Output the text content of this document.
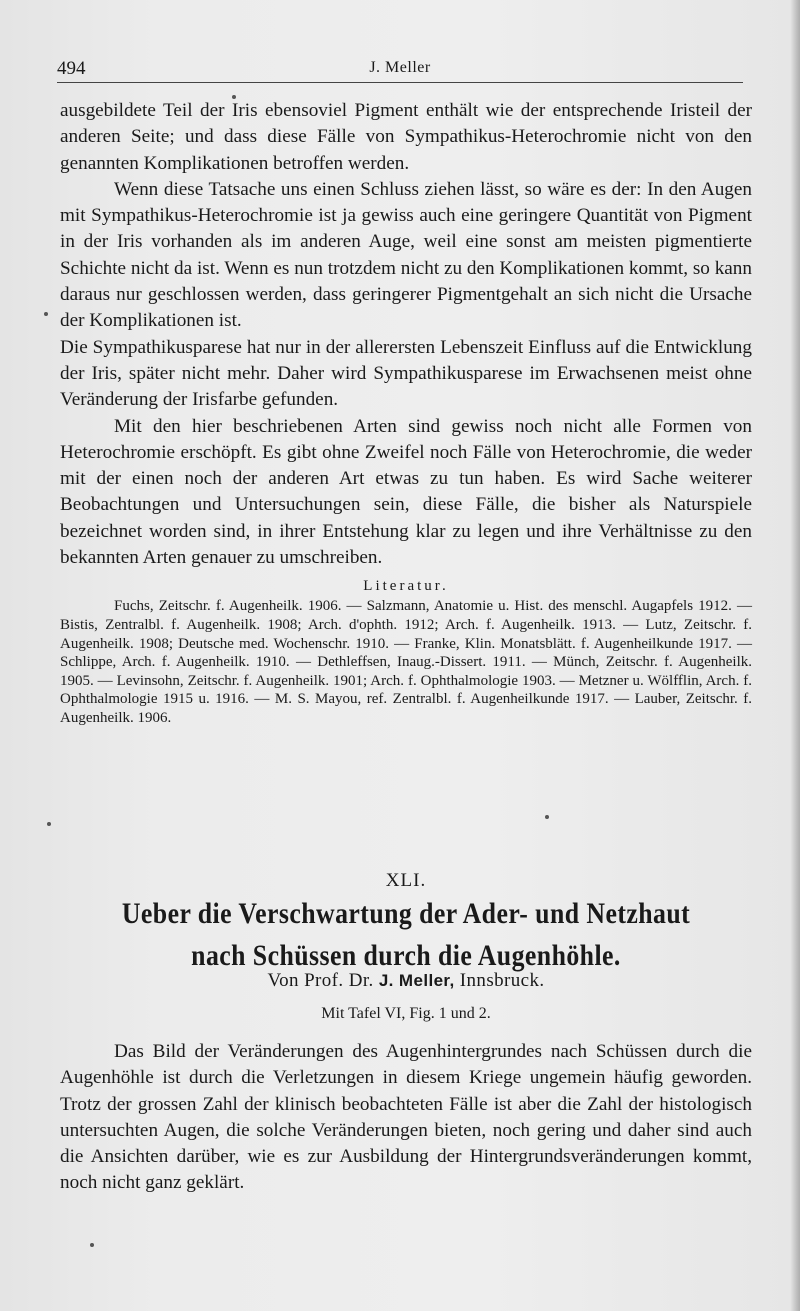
494	J. Meller

ausgebildete Teil der Iris ebensoviel Pigment enthält wie der entsprechende Iristeil der anderen Seite; und dass diese Fälle von Sympathikus-Heterochromie nicht von den genannten Komplikationen betroffen werden.

Wenn diese Tatsache uns einen Schluss ziehen lässt, so wäre es der: In den Augen mit Sympathikus-Heterochromie ist ja gewiss auch eine geringere Quantität von Pigment in der Iris vorhanden als im anderen Auge, weil eine sonst am meisten pigmentierte Schichte nicht da ist. Wenn es nun trotzdem nicht zu den Komplikationen kommt, so kann daraus nur geschlossen werden, dass geringerer Pigmentgehalt an sich nicht die Ursache der Komplikationen ist.

Die Sympathikusparese hat nur in der allerersten Lebenszeit Einfluss auf die Entwicklung der Iris, später nicht mehr. Daher wird Sympathikusparese im Erwachsenen meist ohne Veränderung der Irisfarbe gefunden.

Mit den hier beschriebenen Arten sind gewiss noch nicht alle Formen von Heterochromie erschöpft. Es gibt ohne Zweifel noch Fälle von Heterochromie, die weder mit der einen noch der anderen Art etwas zu tun haben. Es wird Sache weiterer Beobachtungen und Untersuchungen sein, diese Fälle, die bisher als Naturspiele bezeichnet worden sind, in ihrer Entstehung klar zu legen und ihre Verhältnisse zu den bekannten Arten genauer zu umschreiben.

Literatur.

Fuchs, Zeitschr. f. Augenheilk. 1906. — Salzmann, Anatomie u. Hist. des menschl. Augapfels 1912. — Bistis, Zentralbl. f. Augenheilk. 1908; Arch. d'ophth. 1912; Arch. f. Augenheilk. 1913. — Lutz, Zeitschr. f. Augenheilk. 1908; Deutsche med. Wochenschr. 1910. — Franke, Klin. Monatsblätt. f. Augenheilkunde 1917. — Schlippe, Arch. f. Augenheilk. 1910. — Dethleffsen, Inaug.-Dissert. 1911. — Münch, Zeitschr. f. Augenheilk. 1905. — Levinsohn, Zeitschr. f. Augenheilk. 1901; Arch. f. Ophthalmologie 1903. — Metzner u. Wölfflin, Arch. f. Ophthalmologie 1915 u. 1916. — M. S. Mayou, ref. Zentralbl. f. Augenheilkunde 1917. — Lauber, Zeitschr. f. Augenheilk. 1906.

XLI.
Ueber die Verschwartung der Ader- und Netzhaut
nach Schüssen durch die Augenhöhle.
Von Prof. Dr. J. Meller, Innsbruck.
Mit Tafel VI, Fig. 1 und 2.

Das Bild der Veränderungen des Augenhintergrundes nach Schüssen durch die Augenhöhle ist durch die Verletzungen in diesem Kriege ungemein häufig geworden. Trotz der grossen Zahl der klinisch beobachteten Fälle ist aber die Zahl der histologisch untersuchten Augen, die solche Veränderungen bieten, noch gering und daher sind auch die Ansichten darüber, wie es zur Ausbildung der Hintergrundsveränderungen kommt, noch nicht ganz geklärt.
